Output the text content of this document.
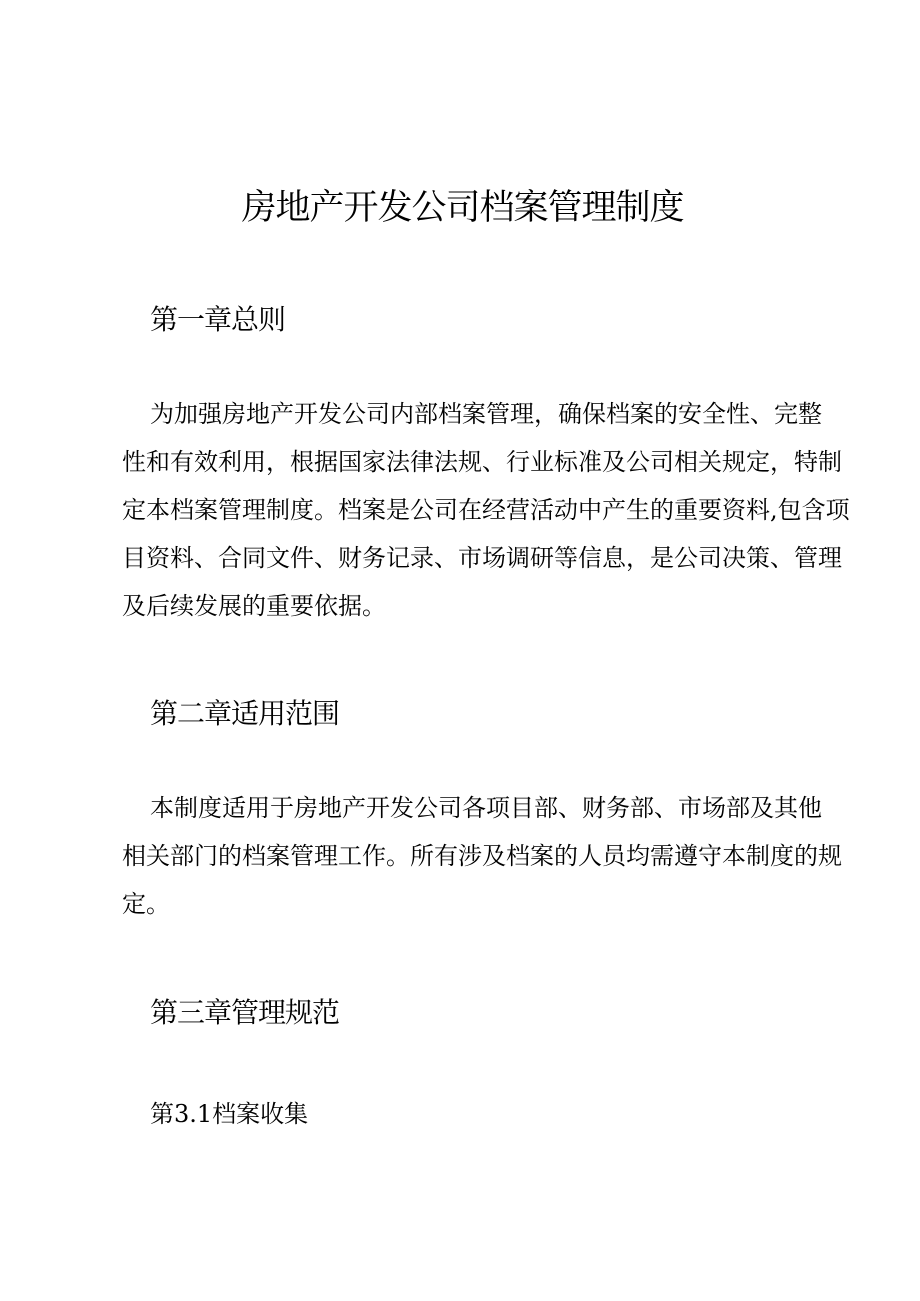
房地产开发公司档案管理制度
第一章总则
为加强房地产开发公司内部档案管理，确保档案的安全性、完整
性和有效利用，根据国家法律法规、行业标准及公司相关规定，特制
定本档案管理制度。档案是公司在经营活动中产生的重要资料,包含项
目资料、合同文件、财务记录、市场调研等信息，是公司决策、管理
及后续发展的重要依据。
第二章适用范围
本制度适用于房地产开发公司各项目部、财务部、市场部及其他
相关部门的档案管理工作。所有涉及档案的人员均需遵守本制度的规
定。
第三章管理规范
第3.1档案收集
